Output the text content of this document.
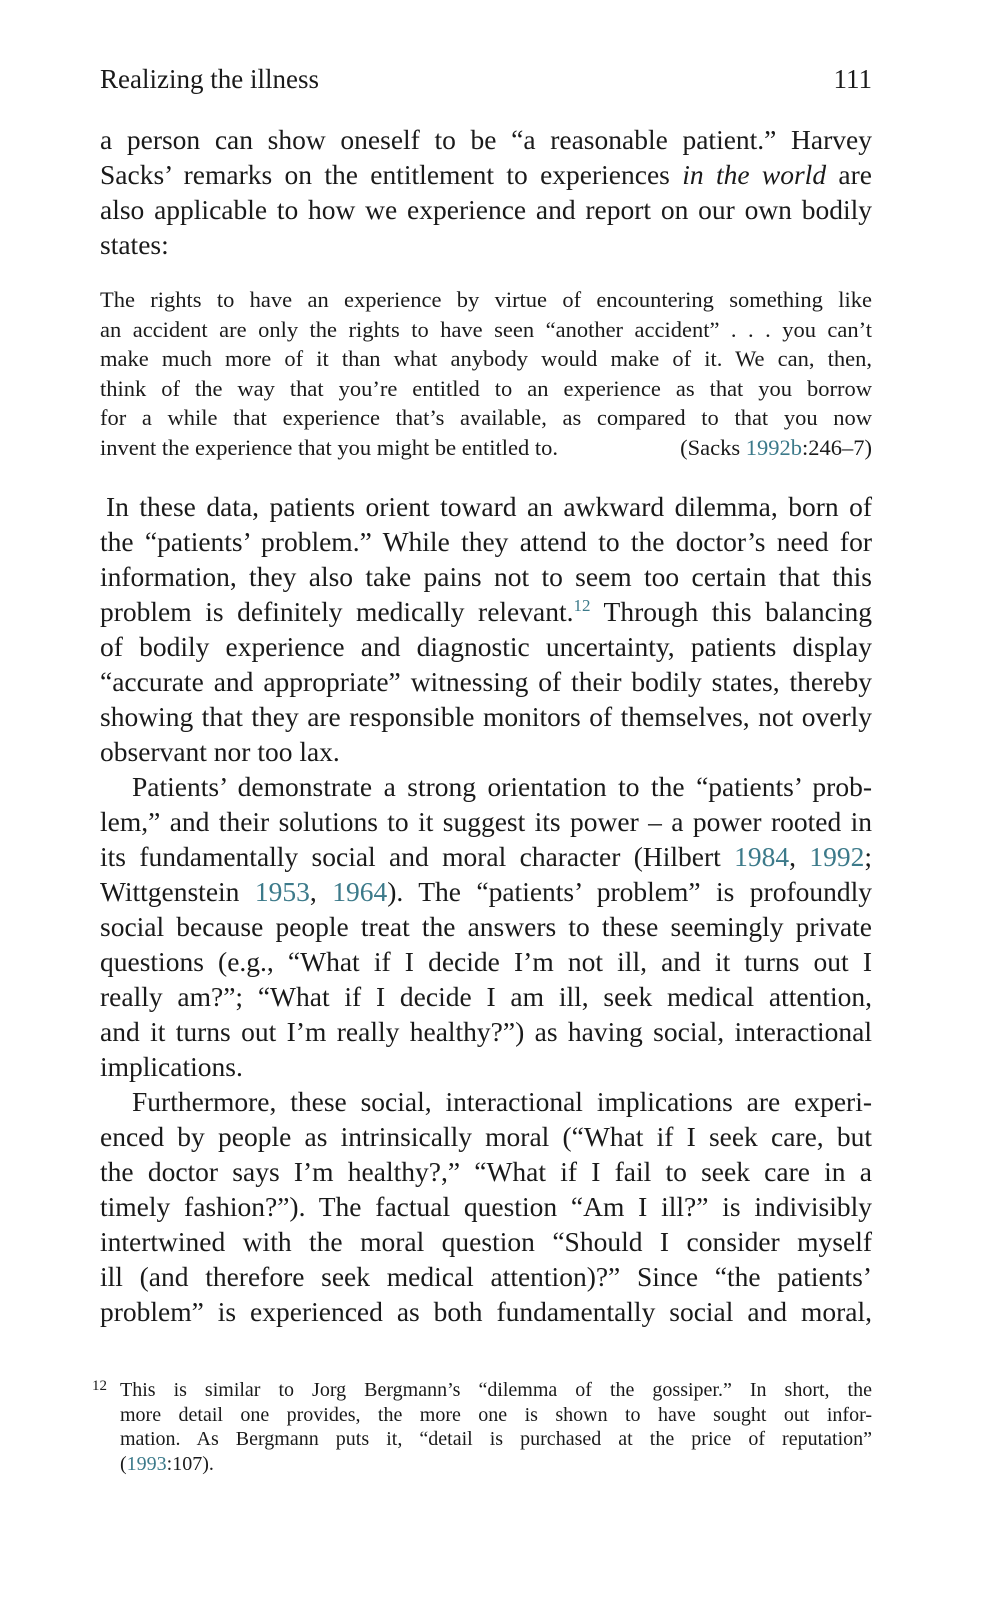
Realizing the illness	111
a person can show oneself to be “a reasonable patient.” Harvey
Sacks’ remarks on the entitlement to experiences in the world are
also applicable to how we experience and report on our own bodily
states:
The rights to have an experience by virtue of encountering something like
an accident are only the rights to have seen “another accident” . . . you can’t
make much more of it than what anybody would make of it. We can, then,
think of the way that you’re entitled to an experience as that you borrow
for a while that experience that’s available, as compared to that you now
invent the experience that you might be entitled to.	(Sacks 1992b:246–7)
In these data, patients orient toward an awkward dilemma, born of
the “patients’ problem.” While they attend to the doctor’s need for
information, they also take pains not to seem too certain that this
problem is definitely medically relevant.$^{12}$ Through this balancing
of bodily experience and diagnostic uncertainty, patients display
“accurate and appropriate” witnessing of their bodily states, thereby
showing that they are responsible monitors of themselves, not overly
observant nor too lax.
Patients’ demonstrate a strong orientation to the “patients’ prob-
lem,” and their solutions to it suggest its power – a power rooted in
its fundamentally social and moral character (Hilbert 1984, 1992;
Wittgenstein 1953, 1964). The “patients’ problem” is profoundly
social because people treat the answers to these seemingly private
questions (e.g., “What if I decide I’m not ill, and it turns out I
really am?”; “What if I decide I am ill, seek medical attention,
and it turns out I’m really healthy?”) as having social, interactional
implications.
Furthermore, these social, interactional implications are experi-
enced by people as intrinsically moral (“What if I seek care, but
the doctor says I’m healthy?,” “What if I fail to seek care in a
timely fashion?”). The factual question “Am I ill?” is indivisibly
intertwined with the moral question “Should I consider myself
ill (and therefore seek medical attention)?” Since “the patients’
problem” is experienced as both fundamentally social and moral,
12 This is similar to Jorg Bergmann’s “dilemma of the gossiper.” In short, the
more detail one provides, the more one is shown to have sought out infor-
mation. As Bergmann puts it, “detail is purchased at the price of reputation”
(1993:107).
